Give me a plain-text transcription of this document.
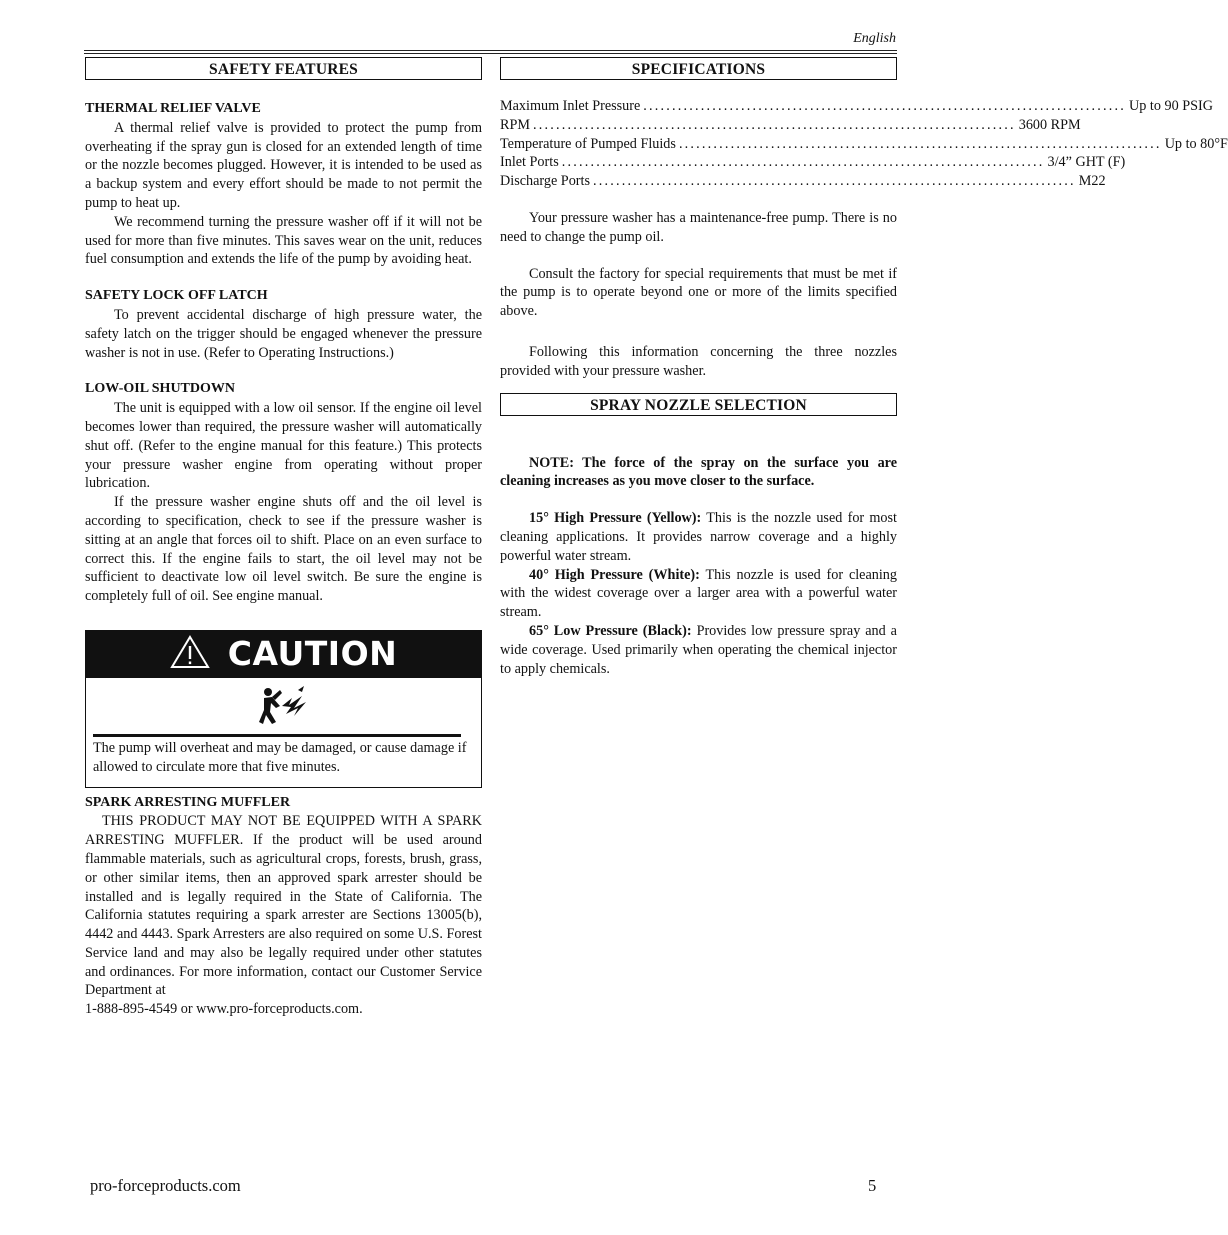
English
SAFETY FEATURES
THERMAL RELIEF VALVE

A thermal relief valve is provided to protect the pump from overheating if the spray gun is closed for an extended length of time or the nozzle becomes plugged. However, it is intended to be used as a backup system and every effort should be made to not permit the pump to heat up.

We recommend turning the pressure washer off if it will not be used for more than five minutes. This saves wear on the unit, reduces fuel consumption and extends the life of the pump by avoiding heat.

SAFETY LOCK OFF LATCH

To prevent accidental discharge of high pressure water, the safety latch on the trigger should be engaged whenever the pressure washer is not in use. (Refer to Operating Instructions.)

LOW-OIL SHUTDOWN

The unit is equipped with a low oil sensor. If the engine oil level becomes lower than required, the pressure washer will automatically shut off. (Refer to the engine manual for this feature.) This protects your pressure washer engine from operating without proper lubrication.

If the pressure washer engine shuts off and the oil level is according to specification, check to see if the pressure washer is sitting at an angle that forces oil to shift. Place on an even surface to correct this. If the engine fails to start, the oil level may not be sufficient to deactivate low oil level switch. Be sure the engine is completely full of oil. See engine manual.

CAUTION

The pump will overheat and may be damaged, or cause damage if allowed to circulate more that five minutes.

SPARK ARRESTING MUFFLER

THIS PRODUCT MAY NOT BE EQUIPPED WITH A SPARK ARRESTING MUFFLER. If the product will be used around flammable materials, such as agricultural crops, forests, brush, grass, or other similar items, then an approved spark arrester should be installed and is legally required in the State of California. The California statutes requiring a spark arrester are Sections 13005(b), 4442 and 4443. Spark Arresters are also required on some U.S. Forest Service land and may also be legally required under other statutes and ordinances. For more information, contact our Customer Service Department at

1-888-895-4549 or www.pro-forceproducts.com.

SPECIFICATIONS
Maximum Inlet Pressure .................................................................................... Up to 90 PSIG
RPM .................................................................................... 3600 RPM
Temperature of Pumped Fluids .................................................................................... Up to 80°F
Inlet Ports .................................................................................... 3/4” GHT (F)
Discharge Ports .................................................................................... M22

Your pressure washer has a maintenance-free pump. There is no need to change the pump oil.

Consult the factory for special requirements that must be met if the pump is to operate beyond one or more of the limits specified above.

Following this information concerning the three nozzles provided with your pressure washer.

SPRAY NOZZLE SELECTION

NOTE: The force of the spray on the surface you are cleaning increases as you move closer to the surface.

15° High Pressure (Yellow): This is the nozzle used for most cleaning applications. It provides narrow coverage and a highly powerful water stream.

40° High Pressure (White): This nozzle is used for cleaning with the widest coverage over a larger area with a powerful water stream.

65° Low Pressure (Black): Provides low pressure spray and a wide coverage. Used primarily when operating the chemical injector to apply chemicals.

pro-forceproducts.com	5
